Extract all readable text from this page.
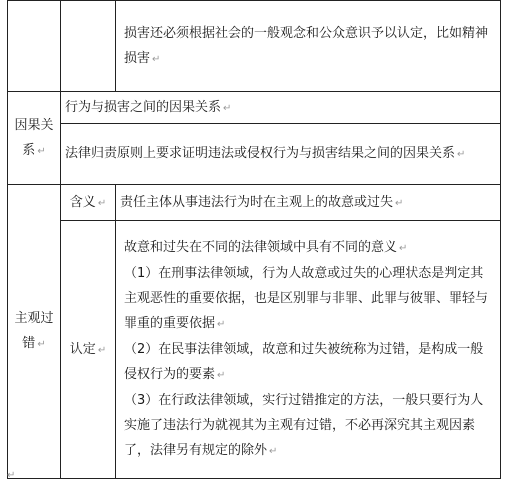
		损害还必须根据社会的一般观念和公众意识予以认定，比如精神损害 ↵
因果关系 ↵	行为与损害之间的因果关系 ↵	
	法律归责原则上要求证明违法或侵权行为与损害结果之间的因果关系 ↵	
主观过错 ↵	含义 ↵	责任主体从事违法行为时在主观上的故意或过失 ↵
	认定 ↵	故意和过失在不同的法律领域中具有不同的意义 ↵
（1）在刑事法律领域，行为人故意或过失的心理状态是判定其主观恶性的重要依据，也是区别罪与非罪、此罪与彼罪、罪轻与罪重的重要依据 ↵
（2）在民事法律领域，故意和过失被统称为过错，是构成一般侵权行为的要素 ↵
（3）在行政法律领域，实行过错推定的方法，一般只要行为人实施了违法行为就视其为主观有过错，不必再深究其主观因素了，法律另有规定的除外 ↵
↵
